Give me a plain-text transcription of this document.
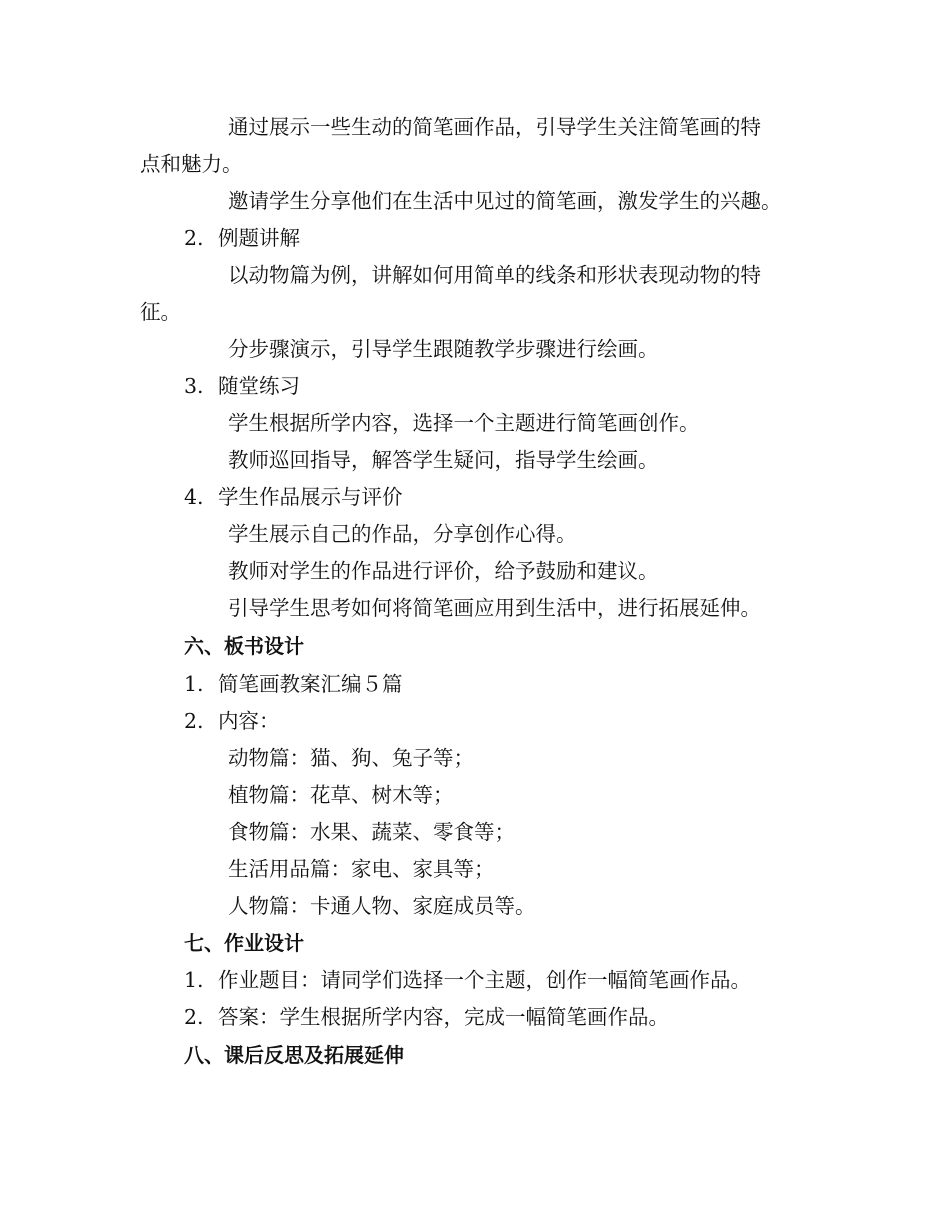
通过展示一些生动的简笔画作品，引导学生关注简笔画的特
点和魅力。
邀请学生分享他们在生活中见过的简笔画，激发学生的兴趣。
2. 例题讲解
以动物篇为例，讲解如何用简单的线条和形状表现动物的特
征。
分步骤演示，引导学生跟随教学步骤进行绘画。
3. 随堂练习
学生根据所学内容，选择一个主题进行简笔画创作。
教师巡回指导，解答学生疑问，指导学生绘画。
4. 学生作品展示与评价
学生展示自己的作品，分享创作心得。
教师对学生的作品进行评价，给予鼓励和建议。
引导学生思考如何将简笔画应用到生活中，进行拓展延伸。
六、板书设计
1. 简笔画教案汇编５篇
2. 内容：
动物篇：猫、狗、兔子等；
植物篇：花草、树木等；
食物篇：水果、蔬菜、零食等；
生活用品篇：家电、家具等；
人物篇：卡通人物、家庭成员等。
七、作业设计
1. 作业题目：请同学们选择一个主题，创作一幅简笔画作品。
2. 答案：学生根据所学内容，完成一幅简笔画作品。
八、课后反思及拓展延伸
